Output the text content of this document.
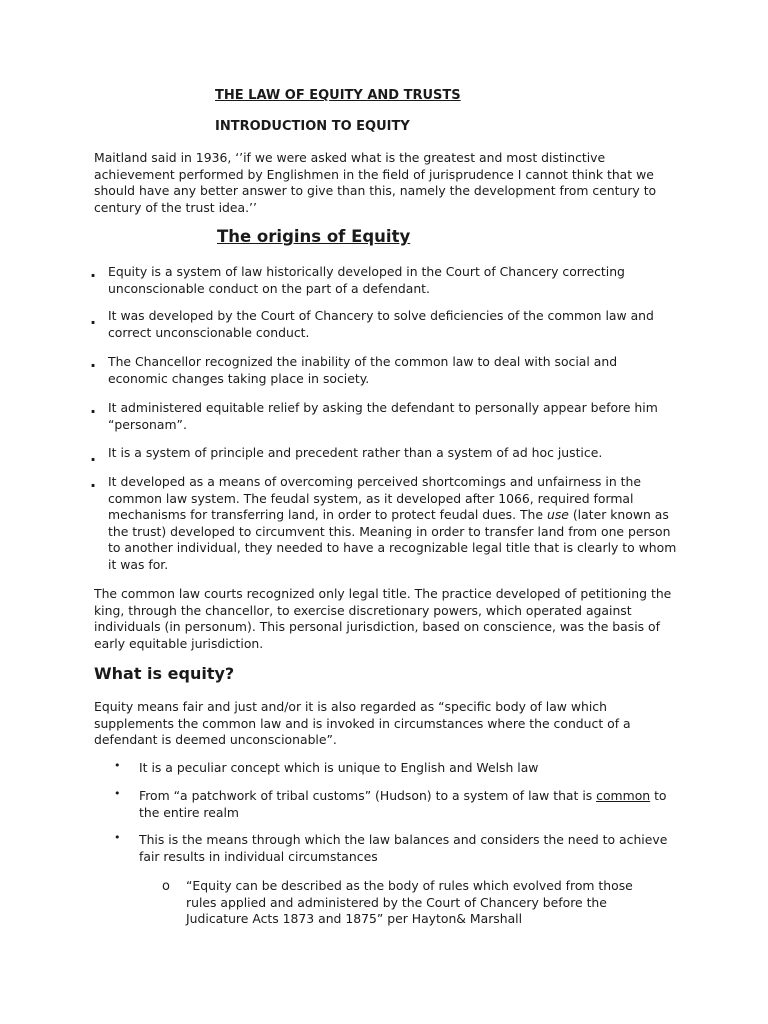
THE LAW OF EQUITY AND TRUSTS
INTRODUCTION TO EQUITY
Maitland said in 1936, ‘’if we were asked what is the greatest and most distinctive achievement performed by Englishmen in the field of jurisprudence I cannot think that we should have any better answer to give than this, namely the development from century to century of the trust idea.’’
The origins of Equity
. Equity is a system of law historically developed in the Court of Chancery correcting unconscionable conduct on the part of a defendant.
. It was developed by the Court of Chancery to solve deficiencies of the common law and correct unconscionable conduct.
. The Chancellor recognized the inability of the common law to deal with social and economic changes taking place in society.
. It administered equitable relief by asking the defendant to personally appear before him “personam”.
. It is a system of principle and precedent rather than a system of ad hoc justice.
. It developed as a means of overcoming perceived shortcomings and unfairness in the common law system. The feudal system, as it developed after 1066, required formal mechanisms for transferring land, in order to protect feudal dues. The use (later known as the trust) developed to circumvent this. Meaning in order to transfer land from one person to another individual, they needed to have a recognizable legal title that is clearly to whom it was for.
The common law courts recognized only legal title. The practice developed of petitioning the king, through the chancellor, to exercise discretionary powers, which operated against individuals (in personum). This personal jurisdiction, based on conscience, was the basis of early equitable jurisdiction.
What is equity?
Equity means fair and just and/or it is also regarded as “specific body of law which supplements the common law and is invoked in circumstances where the conduct of a defendant is deemed unconscionable”.
• It is a peculiar concept which is unique to English and Welsh law
• From “a patchwork of tribal customs” (Hudson) to a system of law that is common to the entire realm
• This is the means through which the law balances and considers the need to achieve fair results in individual circumstances
o “Equity can be described as the body of rules which evolved from those rules applied and administered by the Court of Chancery before the Judicature Acts 1873 and 1875” per Hayton& Marshall
